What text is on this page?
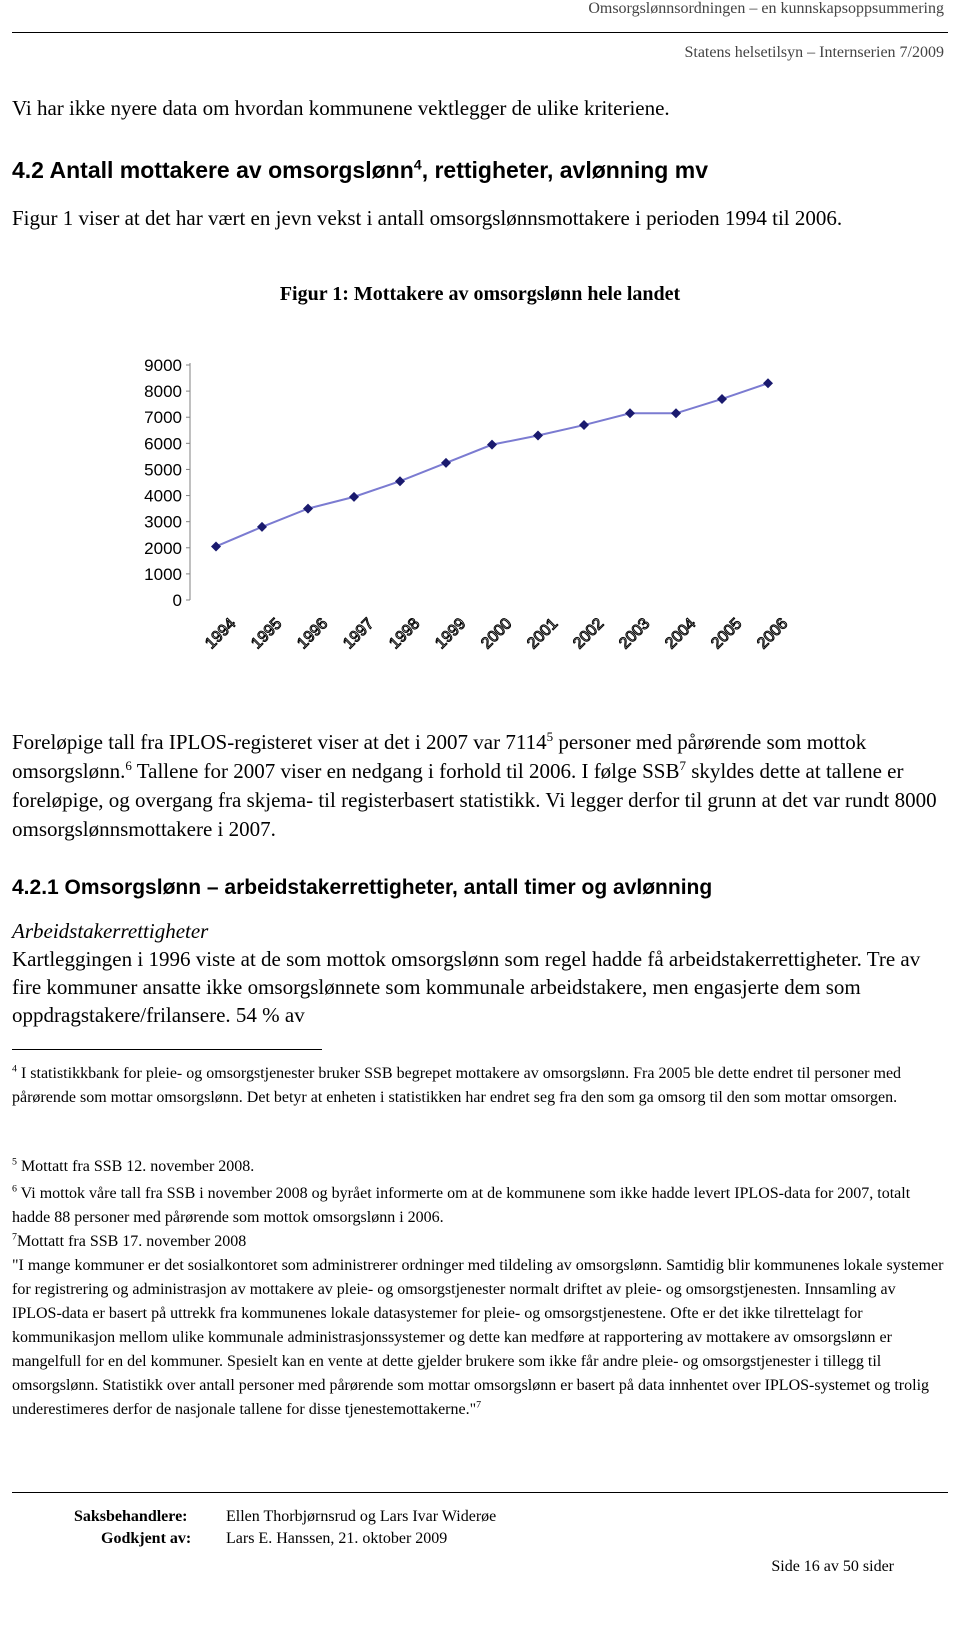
Omsorgslønnsordningen – en kunnskapsoppsummering
Statens helsetilsyn – Internserien 7/2009
Vi har ikke nyere data om hvordan kommunene vektlegger de ulike kriteriene.
4.2 Antall mottakere av omsorgslønn$^4$, rettigheter, avlønning mv
Figur 1 viser at det har vært en jevn vekst i antall omsorgslønnsmottakere i perioden 1994 til 2006.
Figur 1: Mottakere av omsorgslønn hele landet
0
1000
2000
3000
4000
5000
6000
7000
8000
9000
1994 1995 1996 1997 1998 1999 2000 2001 2002 2003 2004 2005 2006
Foreløpige tall fra IPLOS-registeret viser at det i 2007 var 7114$^5$ personer med pårørende som mottok omsorgslønn.$^6$ Tallene for 2007 viser en nedgang i forhold til 2006. I følge SSB$^7$ skyldes dette at tallene er foreløpige, og overgang fra skjema- til registerbasert statistikk. Vi legger derfor til grunn at det var rundt 8000 omsorgslønnsmottakere i 2007.
4.2.1 Omsorgslønn – arbeidstakerrettigheter, antall timer og avlønning
Arbeidstakerrettigheter
Kartleggingen i 1996 viste at de som mottok omsorgslønn som regel hadde få arbeidstakerrettigheter. Tre av fire kommuner ansatte ikke omsorgslønnete som kommunale arbeidstakere, men engasjerte dem som oppdragstakere/frilansere. 54 % av
$^4$ I statistikkbank for pleie- og omsorgstjenester bruker SSB begrepet mottakere av omsorgslønn. Fra 2005 ble dette endret til personer med pårørende som mottar omsorgslønn. Det betyr at enheten i statistikken har endret seg fra den som ga omsorg til den som mottar omsorgen.
$^5$ Mottatt fra SSB 12. november 2008.
$^6$ Vi mottok våre tall fra SSB i november 2008 og byrået informerte om at de kommunene som ikke hadde levert IPLOS-data for 2007, totalt hadde 88 personer med pårørende som mottok omsorgslønn i 2006.
$^7$Mottatt fra SSB 17. november 2008
"I mange kommuner er det sosialkontoret som administrerer ordninger med tildeling av omsorgslønn. Samtidig blir kommunenes lokale systemer for registrering og administrasjon av mottakere av pleie- og omsorgstjenester normalt driftet av pleie- og omsorgstjenesten. Innsamling av IPLOS-data er basert på uttrekk fra kommunenes lokale datasystemer for pleie- og omsorgstjenestene. Ofte er det ikke tilrettelagt for kommunikasjon mellom ulike kommunale administrasjonssystemer og dette kan medføre at rapportering av mottakere av omsorgslønn er mangelfull for en del kommuner. Spesielt kan en vente at dette gjelder brukere som ikke får andre pleie- og omsorgstjenester i tillegg til omsorgslønn. Statistikk over antall personer med pårørende som mottar omsorgslønn er basert på data innhentet over IPLOS-systemet og trolig underestimeres derfor de nasjonale tallene for disse tjenestemottakerne."$^7$
Saksbehandlere: Ellen Thorbjørnsrud og Lars Ivar Widerøe
Godkjent av: Lars E. Hanssen, 21. oktober 2009
Side 16 av 50 sider
